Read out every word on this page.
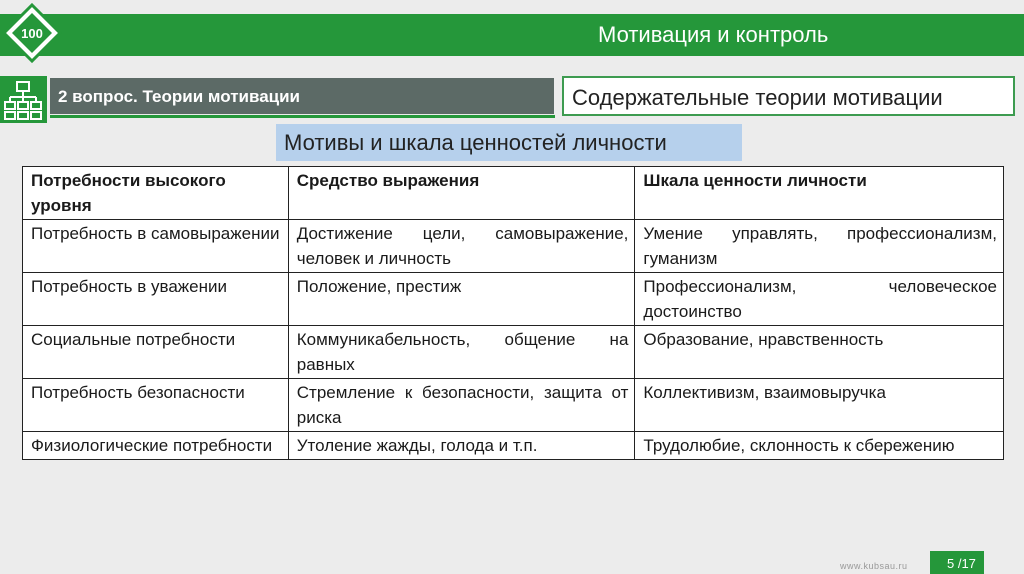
Мотивация и контроль
100
2 вопрос. Теории мотивации	Содержательные теории мотивации
Мотивы и шкала ценностей личности
Потребности высокого уровня	Средство выражения	Шкала ценности личности
Потребность в самовыражении	Достижение цели, самовыражение, человек и личность	Умение управлять, профессионализм, гуманизм
Потребность в уважении	Положение, престиж	Профессионализм, человеческое достоинство
Социальные потребности	Коммуникабельность, общение на равных	Образование, нравственность
Потребность безопасности	Стремление к безопасности, защита от риска	Коллективизм, взаимовыручка
Физиологические потребности	Утоление жажды, голода и т.п.	Трудолюбие, склонность к сбережению
www.kubsau.ru	5 /17
